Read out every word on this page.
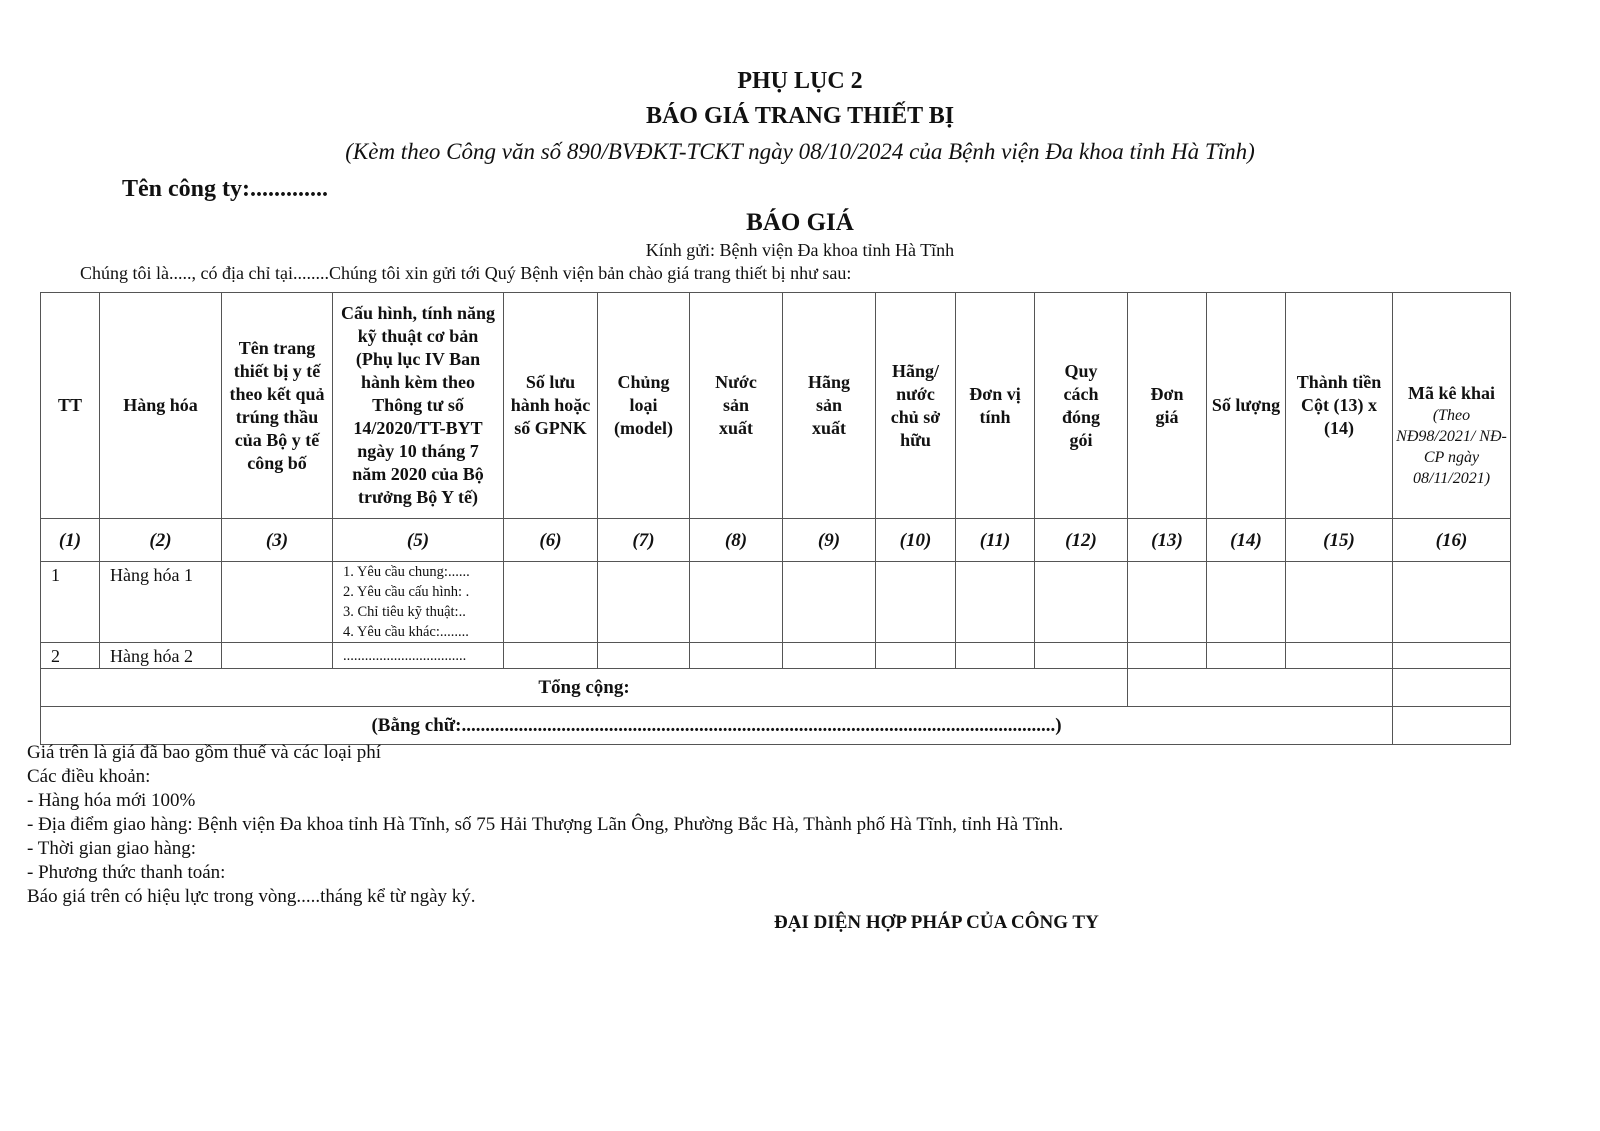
PHỤ LỤC 2
BÁO GIÁ TRANG THIẾT BỊ
(Kèm theo Công văn số 890/BVĐKT-TCKT ngày 08/10/2024 của Bệnh viện Đa khoa tỉnh Hà Tĩnh)
Tên công ty:.............
BÁO GIÁ
Kính gửi: Bệnh viện Đa khoa tỉnh Hà Tĩnh
Chúng tôi là....., có địa chỉ tại........Chúng tôi xin gửi tới Quý Bệnh viện bản chào giá trang thiết bị như sau:
TT	Hàng hóa	Tên trang thiết bị y tế theo kết quả trúng thầu của Bộ y tế công bố	Cấu hình, tính năng kỹ thuật cơ bản (Phụ lục IV Ban hành kèm theo Thông tư số 14/2020/TT-BYT ngày 10 tháng 7 năm 2020 của Bộ trưởng Bộ Y tế)	Số lưu hành hoặc số GPNK	Chủng loại (model)	Nước sản xuất	Hãng sản xuất	Hãng/ nước chủ sở hữu	Đơn vị tính	Quy cách đóng gói	Đơn giá	Số lượng	Thành tiền Cột (13) x (14)	Mã kê khai
(Theo NĐ98/2021/ NĐ-CP ngày 08/11/2021)

(1)	(2)	(3)	(5)	(6)	(7)	(8)	(9)	(10)	(11)	(12)	(13)	(14)	(15)	(16)

1	Hàng hóa 1		1. Yêu cầu chung:......
2. Yêu cầu cấu hình: .
3. Chỉ tiêu kỹ thuật:..
4. Yêu cầu khác:........											

2	Hàng hóa 2		..................................											

Tổng cộng:														
(Bằng chữ:.............................................................................................................................)														
Giá trên là giá đã bao gồm thuế và các loại phí
Các điều khoản:
- Hàng hóa mới 100%
- Địa điểm giao hàng: Bệnh viện Đa khoa tỉnh Hà Tĩnh, số 75 Hải Thượng Lãn Ông, Phường Bắc Hà, Thành phố Hà Tĩnh, tỉnh Hà Tĩnh.
- Thời gian giao hàng:
- Phương thức thanh toán:
Báo giá trên có hiệu lực trong vòng.....tháng kể từ ngày ký.
ĐẠI DIỆN HỢP PHÁP CỦA CÔNG TY
